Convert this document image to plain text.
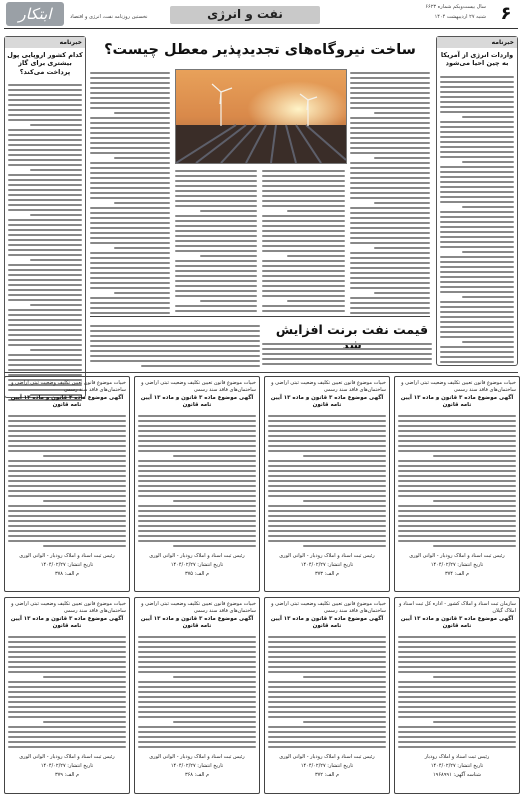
۶
نفت و انرژی
ابتکار	سال بیست‌ویکم شماره ۶۶۲۳
شنبه ۲۷ اردیبهشت ۱۴۰۴
نخستین روزنامه نفت، انرژی و اقتصاد
خبرنامه
واردات انرژی از آمریکا به چین احیا می‌شود
خبرنامه
کدام کشور اروپایی پول بیشتری برای گاز پرداخت می‌کند؟
ساخت نیروگاه‌های تجدیدپذیر معطل چیست؟
قیمت نفت برنت افزایش
خبیات موضوع قانون تعیین تکلیف وضعیت ثبتی اراضی و ساختمان‌های فاقد سند رسمی
آگهی موضوع ماده ۳ قانون و ماده ۱۳ آیین نامه قانون
رئیس ثبت اسناد و املاک رودبار - الوانی الوری
تاریخ انتشار: ۱۴۰۴/۰۲/۲۷
م الف: ۳۷۸
خبیات موضوع قانون تعیین تکلیف وضعیت ثبتی اراضی و ساختمان‌های فاقد سند رسمی
آگهی موضوع ماده ۳ قانون و ماده ۱۳ آیین نامه قانون
رئیس ثبت اسناد و املاک رودبار - الوانی الوری
تاریخ انتشار: ۱۴۰۴/۰۲/۲۷
م الف: ۳۷۵
خبیات موضوع قانون تعیین تکلیف وضعیت ثبتی اراضی و ساختمان‌های فاقد سند رسمی
آگهی موضوع ماده ۳ قانون و ماده ۱۳ آیین نامه قانون
رئیس ثبت اسناد و املاک رودبار - الوانی الوری
تاریخ انتشار: ۱۴۰۴/۰۲/۲۷
م الف: ۳۷۳
خبیات موضوع قانون تعیین تکلیف وضعیت ثبتی اراضی و ساختمان‌های فاقد سند رسمی
آگهی موضوع ماده ۳ قانون و ماده ۱۳ آیین نامه قانون
رئیس ثبت اسناد و املاک رودبار - الوانی الوری
تاریخ انتشار: ۱۴۰۴/۰۲/۲۷
م الف: ۳۷۴
خبیات موضوع قانون تعیین تکلیف وضعیت ثبتی اراضی و ساختمان‌های فاقد سند رسمی
آگهی موضوع ماده ۳ قانون و ماده ۱۳ آیین نامه قانون
رئیس ثبت اسناد و املاک رودبار - الوانی الوری
تاریخ انتشار: ۱۴۰۴/۰۲/۲۷
م الف: ۳۷۹
خبیات موضوع قانون تعیین تکلیف وضعیت ثبتی اراضی و ساختمان‌های فاقد سند رسمی
آگهی موضوع ماده ۳ قانون و ماده ۱۳ آیین نامه قانون
رئیس ثبت اسناد و املاک رودبار - الوانی الوری
تاریخ انتشار: ۱۴۰۴/۰۲/۲۷
م الف: ۳۶۸
خبیات موضوع قانون تعیین تکلیف وضعیت ثبتی اراضی و ساختمان‌های فاقد سند رسمی
آگهی موضوع ماده ۳ قانون و ماده ۱۳ آیین نامه قانون
رئیس ثبت اسناد و املاک رودبار - الوانی الوری
تاریخ انتشار: ۱۴۰۴/۰۲/۲۷
م الف: ۳۷۲
سازمان ثبت اسناد و املاک کشور - اداره کل ثبت اسناد و املاک گیلان
آگهی موضوع ماده ۳ قانون و ماده ۱۳ آیین نامه قانون
رئیس ثبت اسناد و املاک رودبار
تاریخ انتشار: ۱۴۰۴/۰۲/۲۷
شناسه آگهی: ۱۹۶۸۹۹۱
